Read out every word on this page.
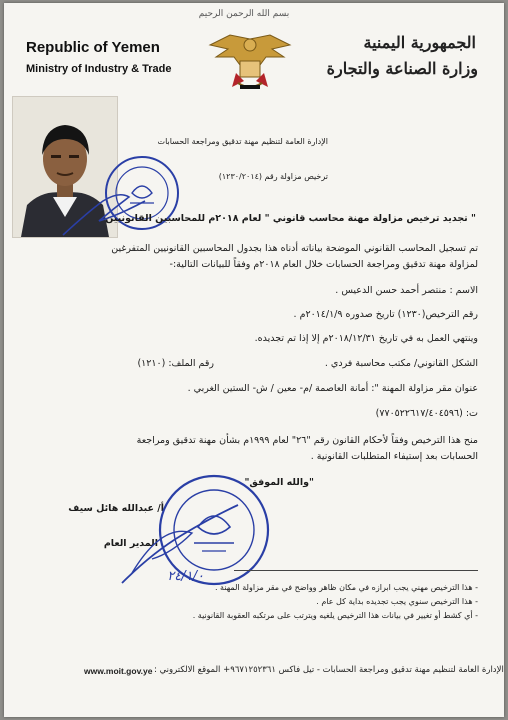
بسم الله الرحمن الرحيم
Republic of Yemen
Ministry of Industry & Trade
الجمهورية اليمنية
وزارة الصناعة والتجارة
الإدارة العامة لتنظيم مهنة تدقيق ومراجعة الحسابات
ترخيص مزاولة رقم (١٢٣٠/٢٠١٤)
" تجديد ترخيص مزاولة مهنة محاسب قانوني " لعام ٢٠١٨م للمحاسبين القانونيين
تم تسجيل المحاسب القانوني الموضحة بياناته أدناه هذا بجدول المحاسبين القانونيين المتفرغين
لمزاولة مهنة تدقيق ومراجعة الحسابات خلال العام ٢٠١٨م وفقاً للبيانات التالية:-
الاسم : منتصر أحمد حسن الدعيس .
رقم الترخيص(١٢٣٠) تاريخ صدوره ٢٠١٤/١/٩م .
وينتهي العمل به في تاريخ ٢٠١٨/١٢/٣١م إلا إذا تم تجديده.
الشكل القانوني/ مكتب محاسبة فردي .
رقم الملف: (١٢١٠)
عنوان مقر مزاولة المهنة ": أمانة العاصمة /م- معين / ش- الستين الغربي .
ت: (٧٧٠٥٢٢٦١٧/٤٠٤٥٩٦)
منح هذا الترخيص وفقاً لأحكام القانون رقم "٢٦" لعام ١٩٩٩م بشأن مهنة تدقيق ومراجعة
الحسابات بعد إستيفاء المتطلبات القانونية .
"والله الموفق"
أ/ عبدالله هائل سيف
المدير العام
٢٤/١/٠
- هذا الترخيص مهني يجب ابرازه في مكان ظاهر وواضح في مقر مزاولة المهنة .
- هذا الترخيص سنوي يجب تجديده بداية كل عام .
- أي كشط أو تغيير في بيانات هذا الترخيص يلغيه ويترتب على مرتكبه العقوبة القانونية .
www.moit.gov.ye الإدارة العامة لتنظيم مهنة تدقيق ومراجعة الحسابات - تيل فاكس ٩٦٧١٢٥٢٣٦١+ الموقع الالكتروني :
